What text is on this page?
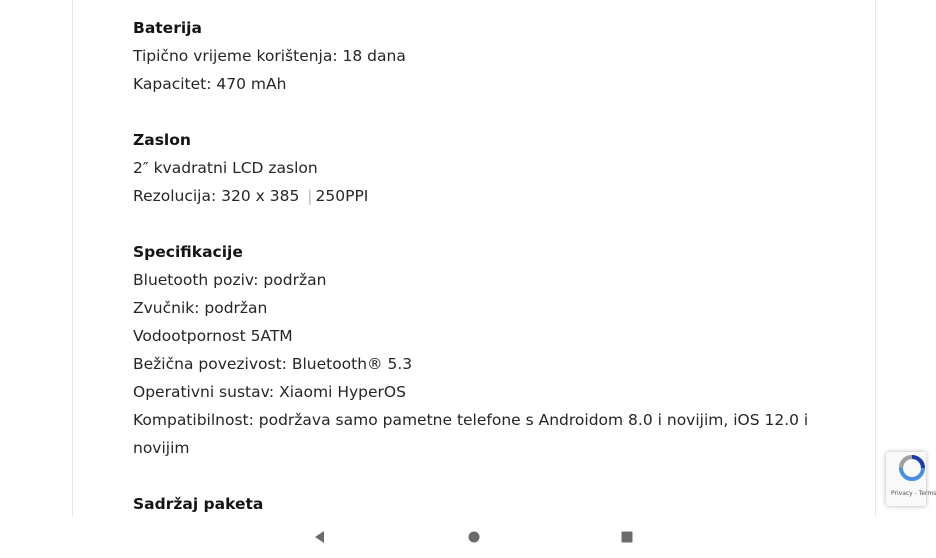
Baterija
Tipično vrijeme korištenja: 18 dana
Kapacitet: 470 mAh
Zaslon
2″ kvadratni LCD zaslon
Rezolucija: 320 x 385 | 250PPI
Specifikacije
Bluetooth poziv: podržan
Zvučnik: podržan
Vodootpornost 5ATM
Bežična povezivost: Bluetooth® 5.3
Operativni sustav: Xiaomi HyperOS
Kompatibilnost: podržava samo pametne telefone s Androidom 8.0 i novijim, iOS 12.0 i
novijim
Sadržaj paketa
Privacy - Terms
